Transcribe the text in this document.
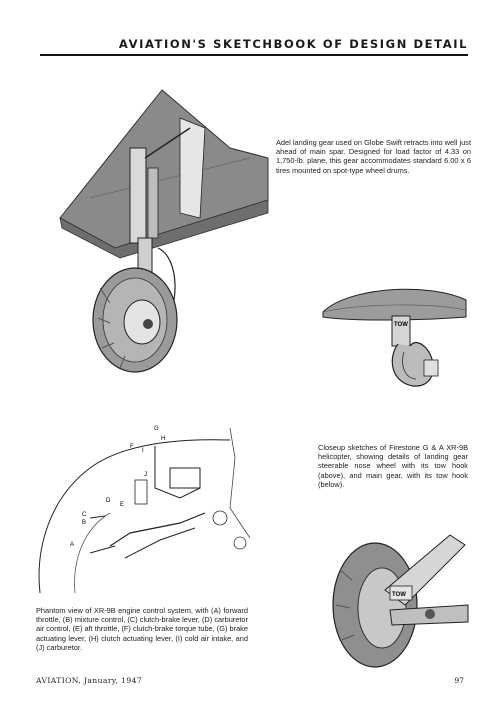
AVIATION'S SKETCHBOOK OF DESIGN DETAIL
Adel landing gear used on Globe Swift retracts into well just ahead of main spar. Designed for load factor of 4.33 on 1,750-lb. plane, this gear accommodates standard 6.00 x 6 tires mounted on spot-type wheel drums.
TOW
Closeup sketches of Firestone G & A XR-9B helicopter, showing details of landing gear steerable nose wheel with its tow hook (above), and main gear, with its tow hook (below).
A
B
C
D
E
F
G
H
I
J
TOW
Phantom view of XR-9B engine control system, with (A) forward throttle, (B) mixture control, (C) clutch-brake lever, (D) carburetor air control, (E) aft throttle, (F) clutch-brake torque tube, (G) brake actuating lever, (H) clutch actuating lever, (I) cold air intake, and (J) carburetor.
AVIATION, January, 1947	97
